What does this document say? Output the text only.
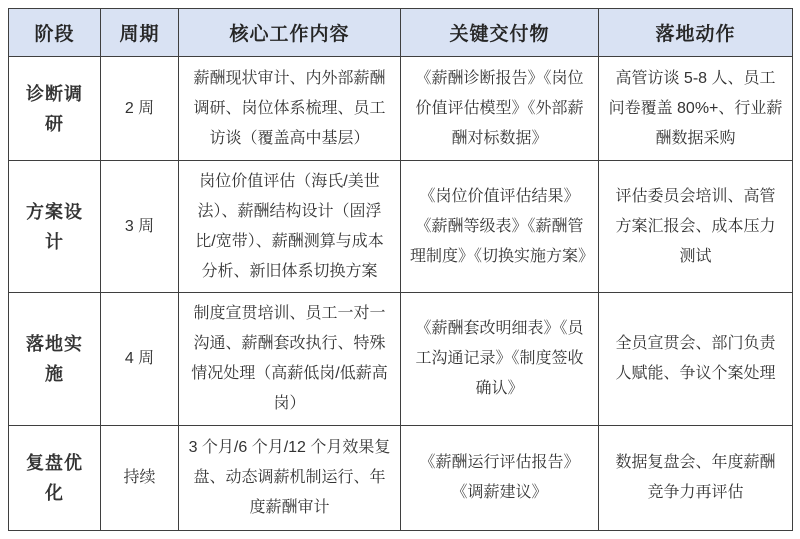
阶段	周期	核心工作内容	关键交付物	落地动作
诊断调研	2 周	薪酬现状审计、内外部薪酬调研、岗位体系梳理、员工访谈（覆盖高中基层）	《薪酬诊断报告》《岗位价值评估模型》《外部薪酬对标数据》	高管访谈 5-8 人、员工问卷覆盖 80%+、行业薪酬数据采购
方案设计	3 周	岗位价值评估（海氏/美世法）、薪酬结构设计（固浮比/宽带）、薪酬测算与成本分析、新旧体系切换方案	《岗位价值评估结果》《薪酬等级表》《薪酬管理制度》《切换实施方案》	评估委员会培训、高管方案汇报会、成本压力测试
落地实施	4 周	制度宣贯培训、员工一对一沟通、薪酬套改执行、特殊情况处理（高薪低岗/低薪高岗）	《薪酬套改明细表》《员工沟通记录》《制度签收确认》	全员宣贯会、部门负责人赋能、争议个案处理
复盘优化	持续	3 个月/6 个月/12 个月效果复盘、动态调薪机制运行、年度薪酬审计	《薪酬运行评估报告》《调薪建议》	数据复盘会、年度薪酬竞争力再评估
